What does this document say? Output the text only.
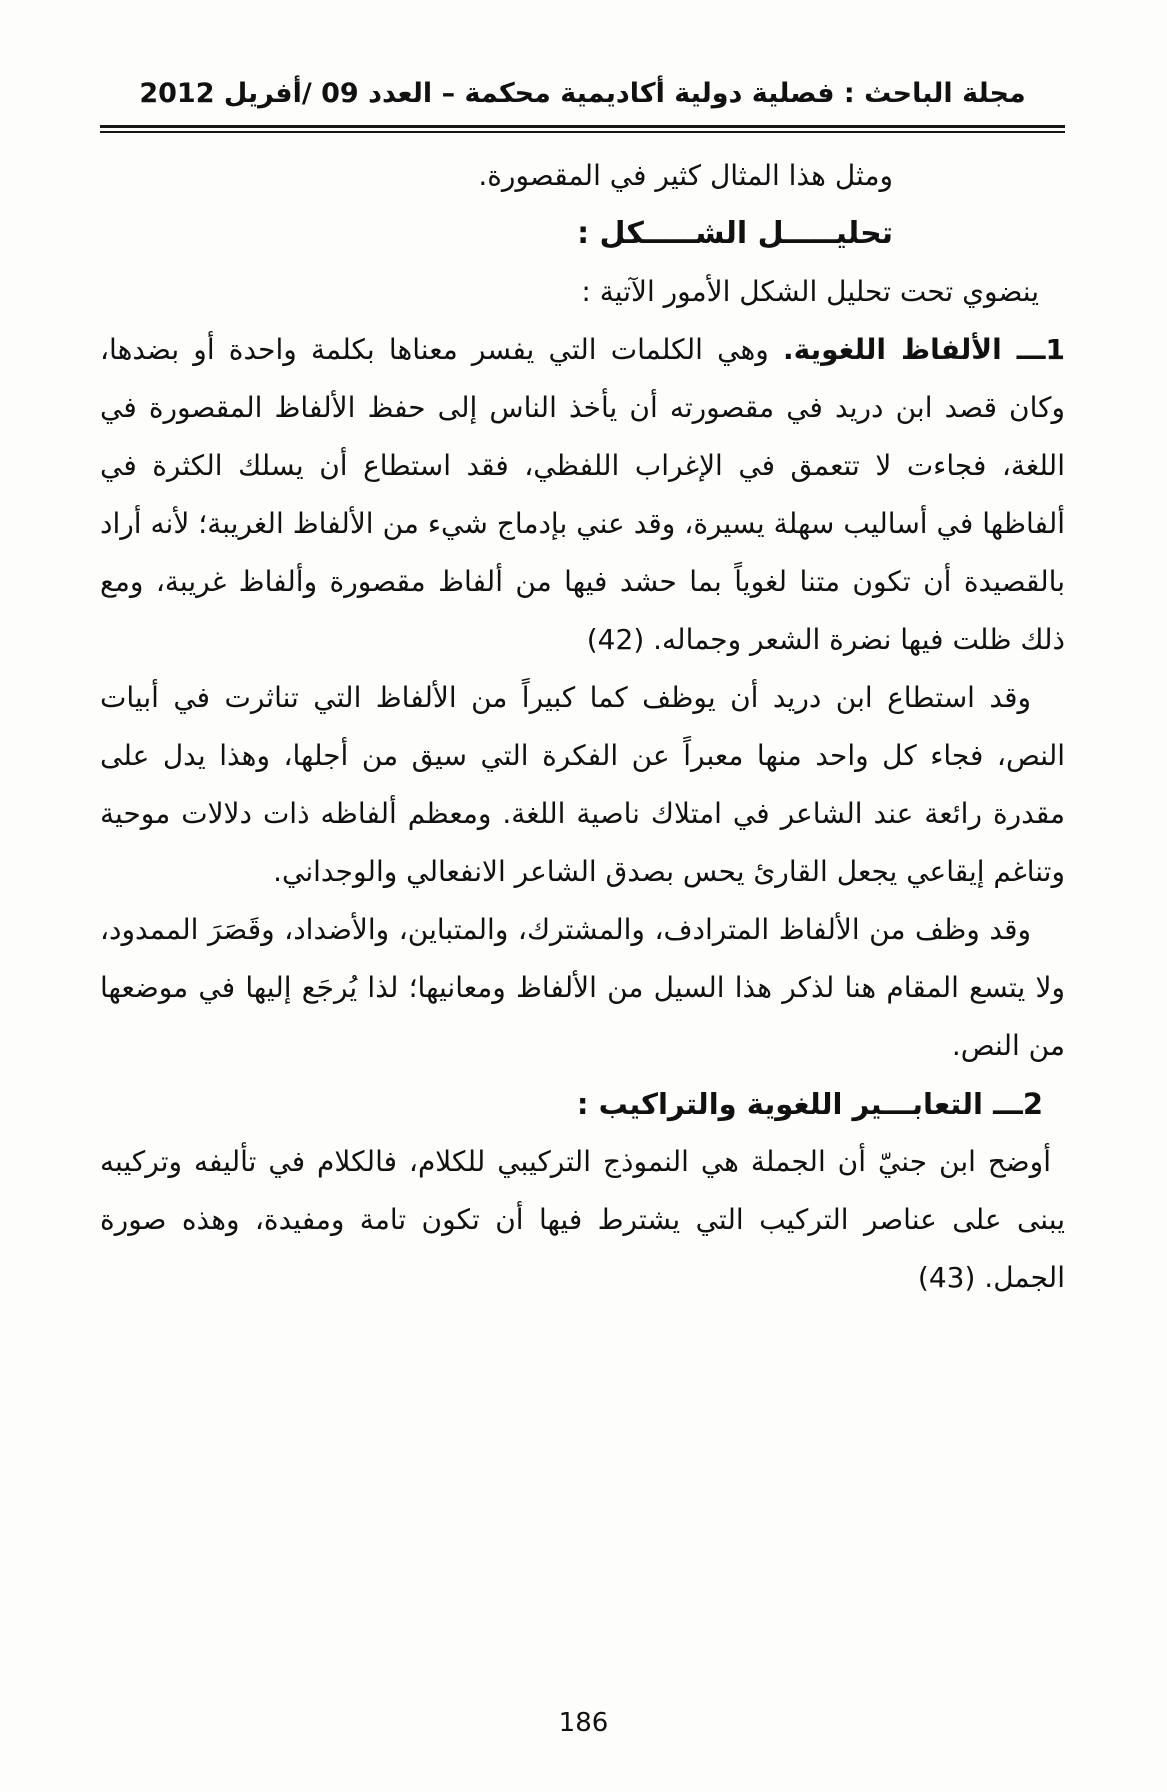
مجلة الباحث : فصلية دولية أكاديمية محكمة – العدد 09 /أفريل 2012

ومثل هذا المثال كثير في المقصورة.

تحليـــــل الشـــــكل :

ينضوي تحت تحليل الشكل الأمور الآتية :

1ـــ الألفاظ اللغوية. وهي الكلمات التي يفسر معناها بكلمة واحدة أو بضدها، وكان قصد ابن دريد في مقصورته أن يأخذ الناس إلى حفظ الألفاظ المقصورة في اللغة، فجاءت لا تتعمق في الإغراب اللفظي، فقد استطاع أن يسلك الكثرة في ألفاظها في أساليب سهلة يسيرة، وقد عني بإدماج شيء من الألفاظ الغريبة؛ لأنه أراد بالقصيدة أن تكون متنا لغوياً بما حشد فيها من ألفاظ مقصورة وألفاظ غريبة، ومع ذلك ظلت فيها نضرة الشعر وجماله. (42)

وقد استطاع ابن دريد أن يوظف كما كبيراً من الألفاظ التي تناثرت في أبيات النص، فجاء كل واحد منها معبراً عن الفكرة التي سيق من أجلها، وهذا يدل على مقدرة رائعة عند الشاعر في امتلاك ناصية اللغة. ومعظم ألفاظه ذات دلالات موحية وتناغم إيقاعي يجعل القارئ يحس بصدق الشاعر الانفعالي والوجداني.

وقد وظف من الألفاظ المترادف، والمشترك، والمتباين، والأضداد، وقَصَرَ الممدود، ولا يتسع المقام هنا لذكر هذا السيل من الألفاظ ومعانيها؛ لذا يُرجَع إليها في موضعها من النص.

2ـــ التعابـــير اللغوية والتراكيب :

أوضح ابن جنيّ أن الجملة هي النموذج التركيبي للكلام، فالكلام في تأليفه وتركيبه يبنى على عناصر التركيب التي يشترط فيها أن تكون تامة ومفيدة، وهذه صورة الجمل. (43)

186
